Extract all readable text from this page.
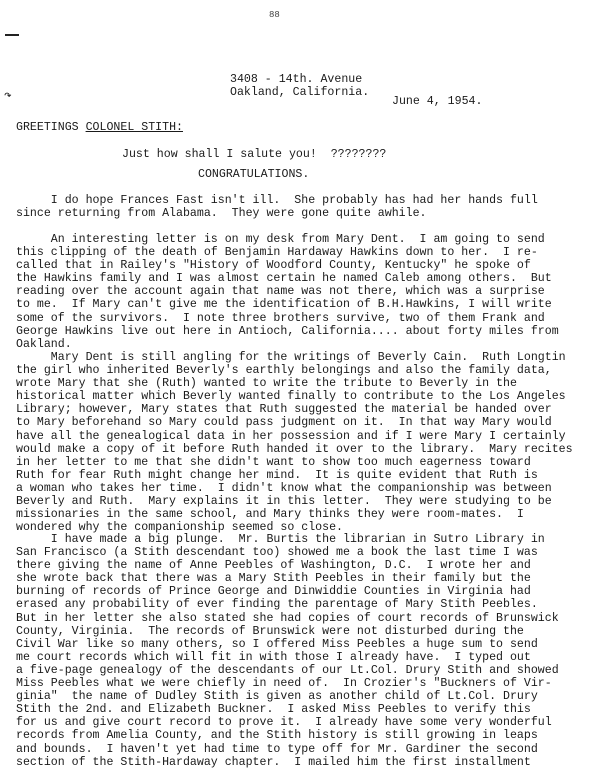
88
↷
3408 - 14th. Avenue
Oakland, California.
June 4, 1954.
GREETINGS COLONEL STITH:
Just how shall I salute you!  ????????
CONGRATULATIONS.
I do hope Frances Fast isn't ill.  She probably has had her hands full
since returning from Alabama.  They were gone quite awhile.
An interesting letter is on my desk from Mary Dent.  I am going to send
this clipping of the death of Benjamin Hardaway Hawkins down to her.  I re-
called that in Railey's "History of Woodford County, Kentucky" he spoke of
the Hawkins family and I was almost certain he named Caleb among others.  But
reading over the account again that name was not there, which was a surprise
to me.  If Mary can't give me the identification of B.H.Hawkins, I will write
some of the survivors.  I note three brothers survive, two of them Frank and
George Hawkins live out here in Antioch, California.... about forty miles from
Oakland.
Mary Dent is still angling for the writings of Beverly Cain.  Ruth Longtin
the girl who inherited Beverly's earthly belongings and also the family data,
wrote Mary that she (Ruth) wanted to write the tribute to Beverly in the
historical matter which Beverly wanted finally to contribute to the Los Angeles
Library; however, Mary states that Ruth suggested the material be handed over
to Mary beforehand so Mary could pass judgment on it.  In that way Mary would
have all the genealogical data in her possession and if I were Mary I certainly
would make a copy of it before Ruth handed it over to the library.  Mary recites
in her letter to me that she didn't want to show too much eagerness toward
Ruth for fear Ruth might change her mind.  It is quite evident that Ruth is
a woman who takes her time.  I didn't know what the companionship was between
Beverly and Ruth.  Mary explains it in this letter.  They were studying to be
missionaries in the same school, and Mary thinks they were room-mates.  I
wondered why the companionship seemed so close.
I have made a big plunge.  Mr. Burtis the librarian in Sutro Library in
San Francisco (a Stith descendant too) showed me a book the last time I was
there giving the name of Anne Peebles of Washington, D.C.  I wrote her and
she wrote back that there was a Mary Stith Peebles in their family but the
burning of records of Prince George and Dinwiddie Counties in Virginia had
erased any probability of ever finding the parentage of Mary Stith Peebles.
But in her letter she also stated she had copies of court records of Brunswick
County, Virginia.  The records of Brunswick were not disturbed during the
Civil War like so many others, so I offered Miss Peebles a huge sum to send
me court records which will fit in with those I already have.  I typed out
a five-page genealogy of the descendants of our Lt.Col. Drury Stith and showed
Miss Peebles what we were chiefly in need of.  In Crozier's "Buckners of Vir-
ginia"  the name of Dudley Stith is given as another child of Lt.Col. Drury
Stith the 2nd. and Elizabeth Buckner.  I asked Miss Peebles to verify this
for us and give court record to prove it.  I already have some very wonderful
records from Amelia County, and the Stith history is still growing in leaps
and bounds.  I haven't yet had time to type off for Mr. Gardiner the second
section of the Stith-Hardaway chapter.  I mailed him the first installment
